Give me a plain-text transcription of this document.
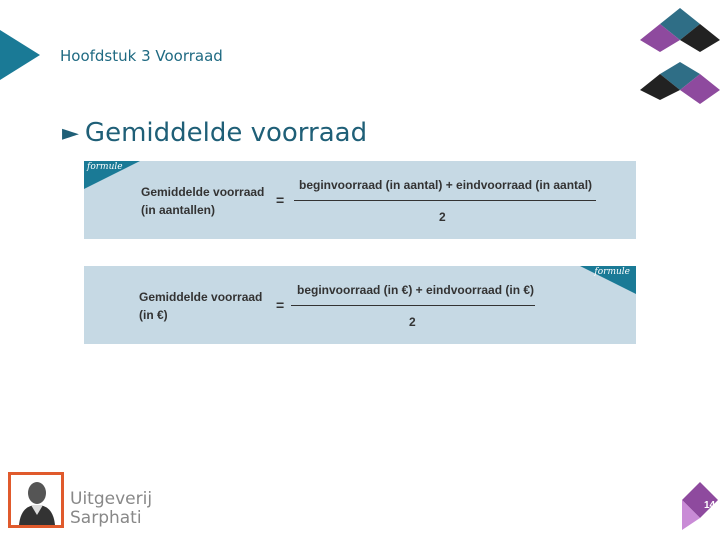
Hoofdstuk 3 Voorraad
► Gemiddelde voorraad
formule
Gemiddelde voorraad
(in aantallen)
=
beginvoorraad (in aantal) + eindvoorraad (in aantal)
2
formule
Gemiddelde voorraad
(in €)
=
beginvoorraad (in €) + eindvoorraad (in €)
2
Uitgeverij
Sarphati
14
